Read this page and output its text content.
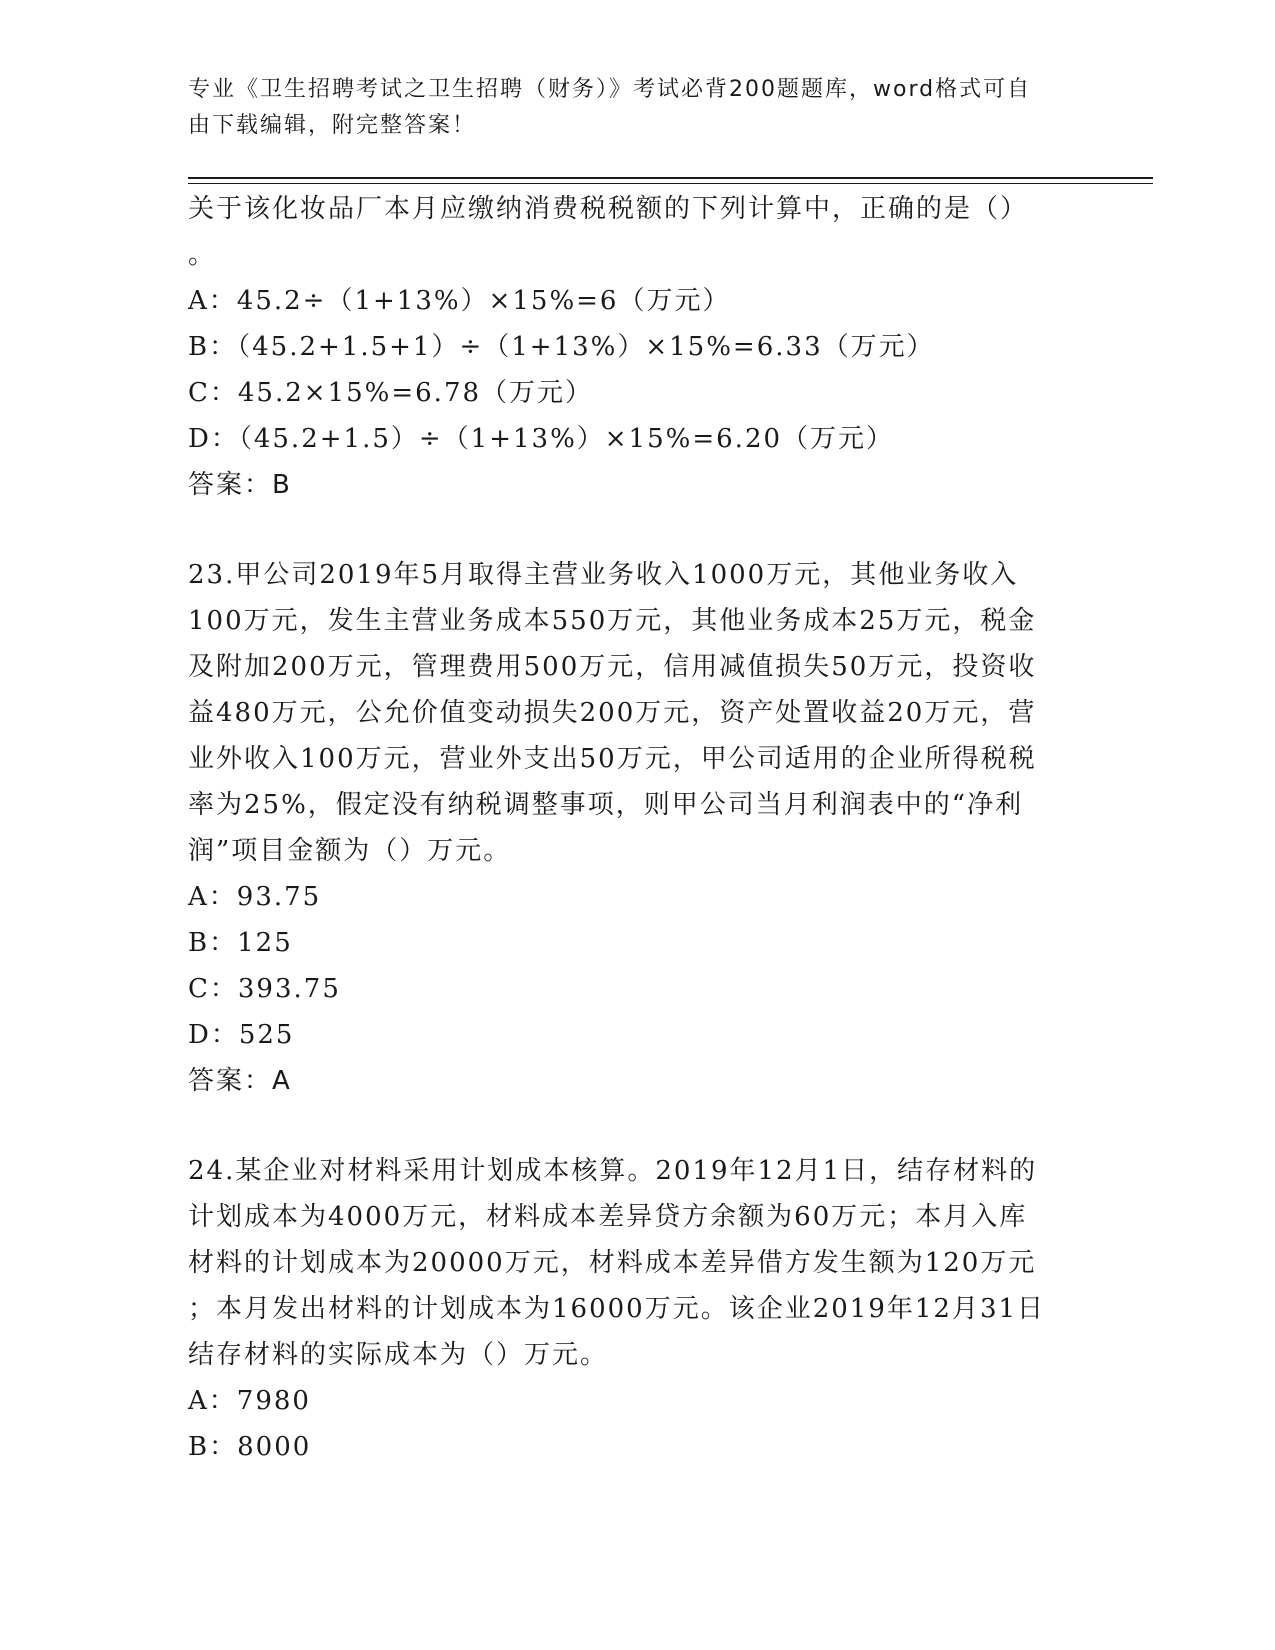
专业《卫生招聘考试之卫生招聘（财务）》考试必背200题题库，word格式可自
由下载编辑，附完整答案！
关于该化妆品厂本月应缴纳消费税税额的下列计算中，正确的是（）
。
A：45.2÷（1+13%）×15%=6（万元）
B：（45.2+1.5+1）÷（1+13%）×15%=6.33（万元）
C：45.2×15%=6.78（万元）
D：（45.2+1.5）÷（1+13%）×15%=6.20（万元）
答案：B
23.甲公司2019年5月取得主营业务收入1000万元，其他业务收入
100万元，发生主营业务成本550万元，其他业务成本25万元，税金
及附加200万元，管理费用500万元，信用减值损失50万元，投资收
益480万元，公允价值变动损失200万元，资产处置收益20万元，营
业外收入100万元，营业外支出50万元，甲公司适用的企业所得税税
率为25%，假定没有纳税调整事项，则甲公司当月利润表中的“净利
润”项目金额为（）万元。
A：93.75
B：125
C：393.75
D：525
答案：A
24.某企业对材料采用计划成本核算。2019年12月1日，结存材料的
计划成本为4000万元，材料成本差异贷方余额为60万元；本月入库
材料的计划成本为20000万元，材料成本差异借方发生额为120万元
；本月发出材料的计划成本为16000万元。该企业2019年12月31日
结存材料的实际成本为（）万元。
A：7980
B：8000
